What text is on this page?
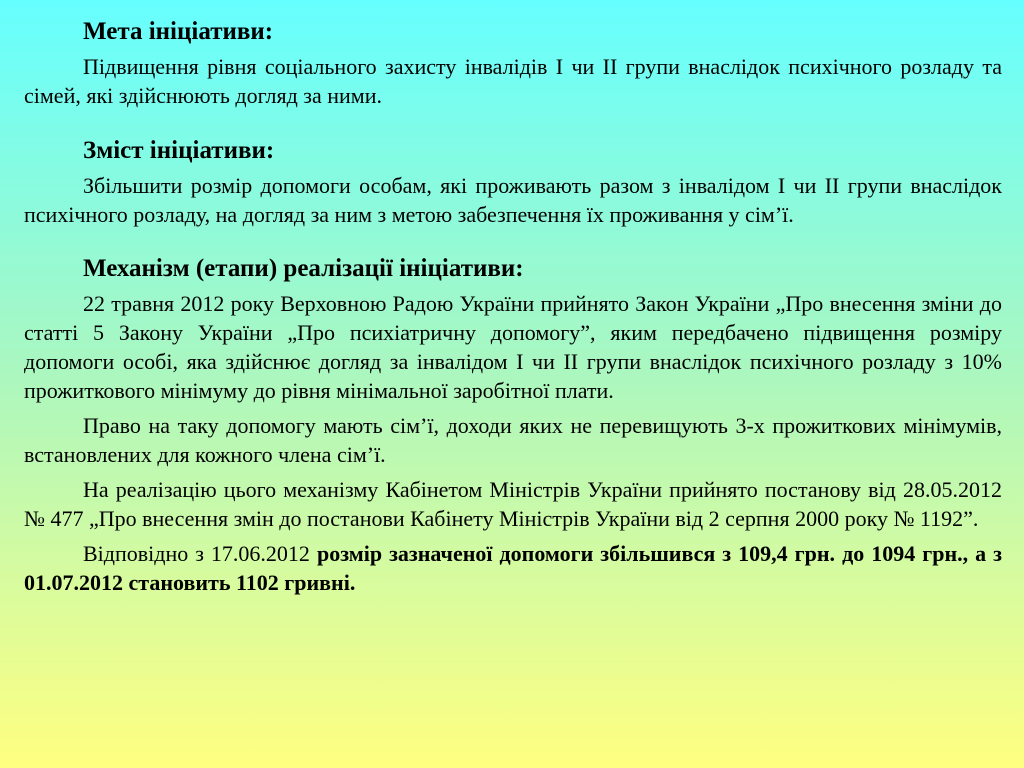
Мета ініціативи:

Підвищення рівня соціального захисту інвалідів I чи II групи внаслідок психічного розладу та сімей, які здійснюють догляд за ними.

Зміст ініціативи:

Збільшити розмір допомоги особам, які проживають разом з інвалідом I чи II групи внаслідок психічного розладу, на догляд за ним з метою забезпечення їх проживання у сім’ї.

Механізм (етапи) реалізації ініціативи:

22 травня 2012 року Верховною Радою України прийнято Закон України „Про внесення зміни до статті 5 Закону України „Про психіатричну допомогу”, яким передбачено підвищення розміру допомоги особі, яка здійснює догляд за інвалідом I чи II групи внаслідок психічного розладу з 10% прожиткового мінімуму до рівня мінімальної заробітної плати.

Право на таку допомогу мають сім’ї, доходи яких не перевищують 3-х прожиткових мінімумів, встановлених для кожного члена сім’ї.

На реалізацію цього механізму Кабінетом Міністрів України прийнято постанову від 28.05.2012 № 477 „Про внесення змін до постанови Кабінету Міністрів України від 2 серпня 2000 року № 1192”.

Відповідно з 17.06.2012 розмір зазначеної допомоги збільшився з 109,4 грн. до 1094 грн., а з 01.07.2012 становить 1102 гривні.
